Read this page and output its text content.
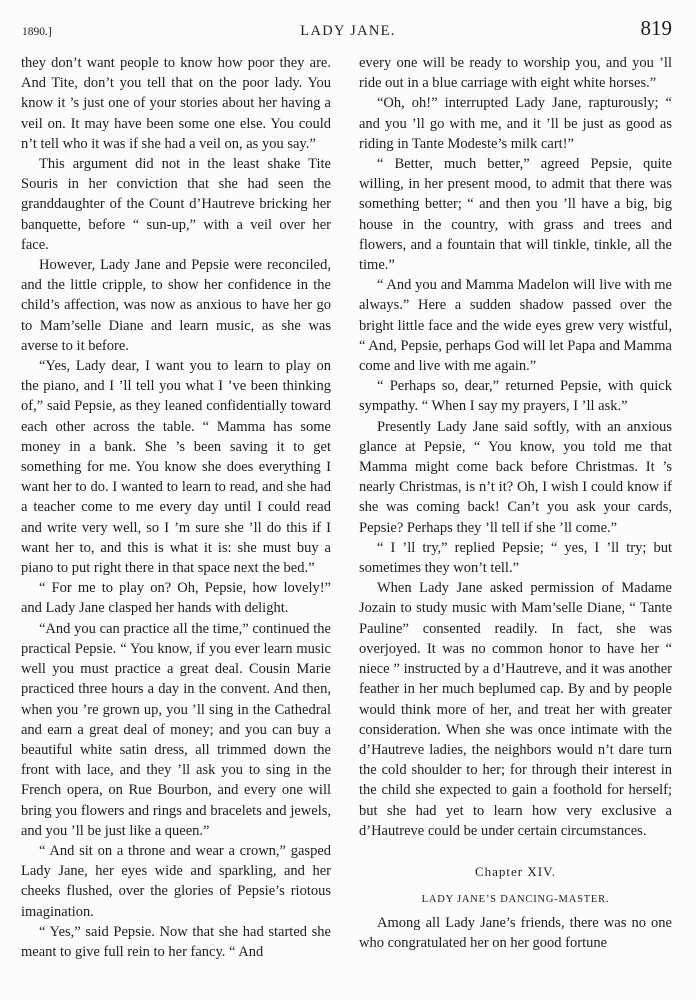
1890.]	LADY JANE.	819

they don’t want people to know how poor they are. And Tite, don’t you tell that on the poor lady. You know it ’s just one of your stories about her having a veil on. It may have been some one else. You could n’t tell who it was if she had a veil on, as you say.”

This argument did not in the least shake Tite Souris in her conviction that she had seen the granddaughter of the Count d’Hautreve bricking her banquette, before “ sun-up,” with a veil over her face.

However, Lady Jane and Pepsie were reconciled, and the little cripple, to show her confidence in the child’s affection, was now as anxious to have her go to Mam’selle Diane and learn music, as she was averse to it before.

“Yes, Lady dear, I want you to learn to play on the piano, and I ’ll tell you what I ’ve been thinking of,” said Pepsie, as they leaned confidentially toward each other across the table. “ Mamma has some money in a bank. She ’s been saving it to get something for me. You know she does everything I want her to do. I wanted to learn to read, and she had a teacher come to me every day until I could read and write very well, so I ’m sure she ’ll do this if I want her to, and this is what it is: she must buy a piano to put right there in that space next the bed.”

“ For me to play on? Oh, Pepsie, how lovely!” and Lady Jane clasped her hands with delight.

“And you can practice all the time,” continued the practical Pepsie. “ You know, if you ever learn music well you must practice a great deal. Cousin Marie practiced three hours a day in the convent. And then, when you ’re grown up, you ’ll sing in the Cathedral and earn a great deal of money; and you can buy a beautiful white satin dress, all trimmed down the front with lace, and they ’ll ask you to sing in the French opera, on Rue Bourbon, and every one will bring you flowers and rings and bracelets and jewels, and you ’ll be just like a queen.”

“ And sit on a throne and wear a crown,” gasped Lady Jane, her eyes wide and sparkling, and her cheeks flushed, over the glories of Pepsie’s riotous imagination.

“ Yes,” said Pepsie. Now that she had started she meant to give full rein to her fancy. “ And

every one will be ready to worship you, and you ’ll ride out in a blue carriage with eight white horses.”

“Oh, oh!” interrupted Lady Jane, rapturously; “ and you ’ll go with me, and it ’ll be just as good as riding in Tante Modeste’s milk cart!”

“ Better, much better,” agreed Pepsie, quite willing, in her present mood, to admit that there was something better; “ and then you ’ll have a big, big house in the country, with grass and trees and flowers, and a fountain that will tinkle, tinkle, all the time.”

“ And you and Mamma Madelon will live with me always.” Here a sudden shadow passed over the bright little face and the wide eyes grew very wistful, “ And, Pepsie, perhaps God will let Papa and Mamma come and live with me again.”

“ Perhaps so, dear,” returned Pepsie, with quick sympathy. “ When I say my prayers, I ’ll ask.”

Presently Lady Jane said softly, with an anxious glance at Pepsie, “ You know, you told me that Mamma might come back before Christmas. It ’s nearly Christmas, is n’t it? Oh, I wish I could know if she was coming back! Can’t you ask your cards, Pepsie? Perhaps they ’ll tell if she ’ll come.”

“ I ’ll try,” replied Pepsie; “ yes, I ’ll try; but sometimes they won’t tell.”

When Lady Jane asked permission of Madame Jozain to study music with Mam’selle Diane, “ Tante Pauline” consented readily. In fact, she was overjoyed. It was no common honor to have her “ niece ” instructed by a d’Hautreve, and it was another feather in her much beplumed cap. By and by people would think more of her, and treat her with greater consideration. When she was once intimate with the d’Hautreve ladies, the neighbors would n’t dare turn the cold shoulder to her; for through their interest in the child she expected to gain a foothold for herself; but she had yet to learn how very exclusive a d’Hautreve could be under certain circumstances.

Chapter XIV.
LADY JANE’S DANCING-MASTER.

Among all Lady Jane’s friends, there was no one who congratulated her on her good fortune
